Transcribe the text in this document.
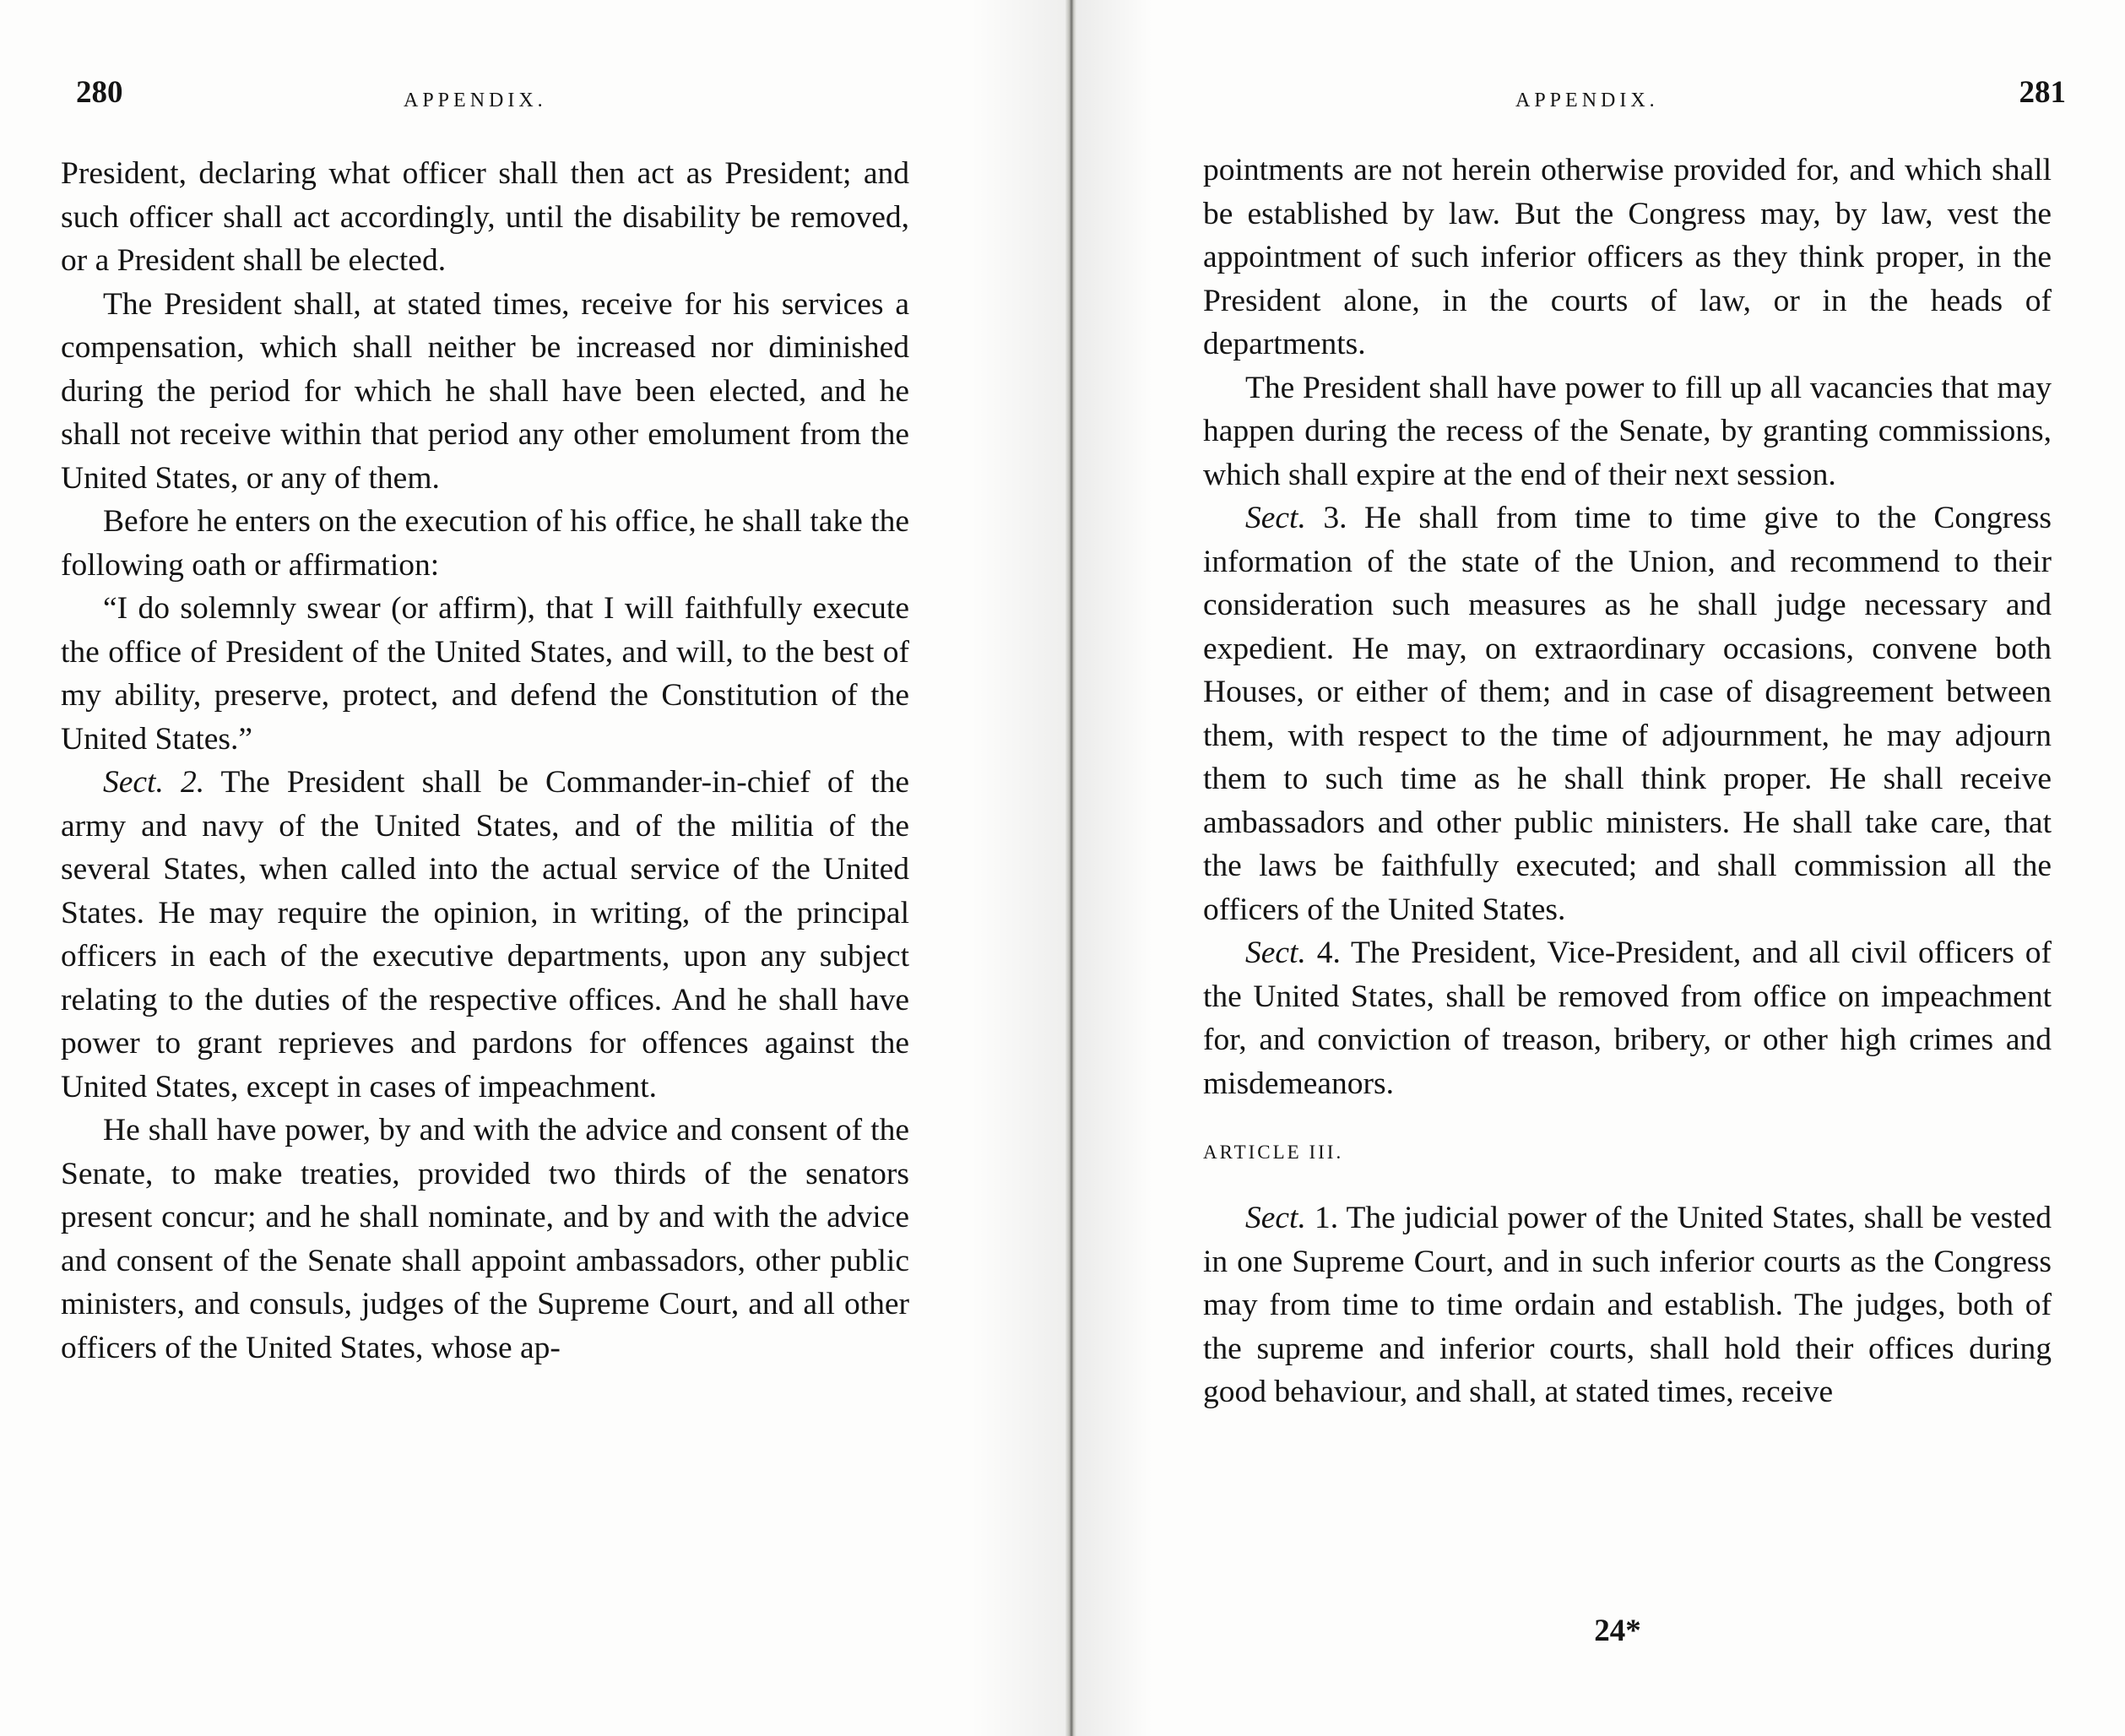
280	APPENDIX.

President, declaring what officer shall then act as President; and such officer shall act accordingly, until the disability be removed, or a President shall be elected.

The President shall, at stated times, receive for his services a compensation, which shall neither be increased nor diminished during the period for which he shall have been elected, and he shall not receive within that period any other emolument from the United States, or any of them.

Before he enters on the execution of his office, he shall take the following oath or affirmation:

“I do solemnly swear (or affirm), that I will faithfully execute the office of President of the United States, and will, to the best of my ability, preserve, protect, and defend the Constitution of the United States.”

Sect. 2. The President shall be Commander-in-chief of the army and navy of the United States, and of the militia of the several States, when called into the actual service of the United States. He may require the opinion, in writing, of the principal officers in each of the executive departments, upon any subject relating to the duties of the respective offices. And he shall have power to grant reprieves and pardons for offences against the United States, except in cases of impeachment.

He shall have power, by and with the advice and consent of the Senate, to make treaties, provided two thirds of the senators present concur; and he shall nominate, and by and with the advice and consent of the Senate shall appoint ambassadors, other public ministers, and consuls, judges of the Supreme Court, and all other officers of the United States, whose ap-

APPENDIX.	281

pointments are not herein otherwise provided for, and which shall be established by law. But the Congress may, by law, vest the appointment of such inferior officers as they think proper, in the President alone, in the courts of law, or in the heads of departments.

The President shall have power to fill up all vacancies that may happen during the recess of the Senate, by granting commissions, which shall expire at the end of their next session.

Sect. 3. He shall from time to time give to the Congress information of the state of the Union, and recommend to their consideration such measures as he shall judge necessary and expedient. He may, on extraordinary occasions, convene both Houses, or either of them; and in case of disagreement between them, with respect to the time of adjournment, he may adjourn them to such time as he shall think proper. He shall receive ambassadors and other public ministers. He shall take care, that the laws be faithfully executed; and shall commission all the officers of the United States.

Sect. 4. The President, Vice-President, and all civil officers of the United States, shall be removed from office on impeachment for, and conviction of treason, bribery, or other high crimes and misdemeanors.

ARTICLE III.

Sect. 1. The judicial power of the United States, shall be vested in one Supreme Court, and in such inferior courts as the Congress may from time to time ordain and establish. The judges, both of the supreme and inferior courts, shall hold their offices during good behaviour, and shall, at stated times, receive

24*
